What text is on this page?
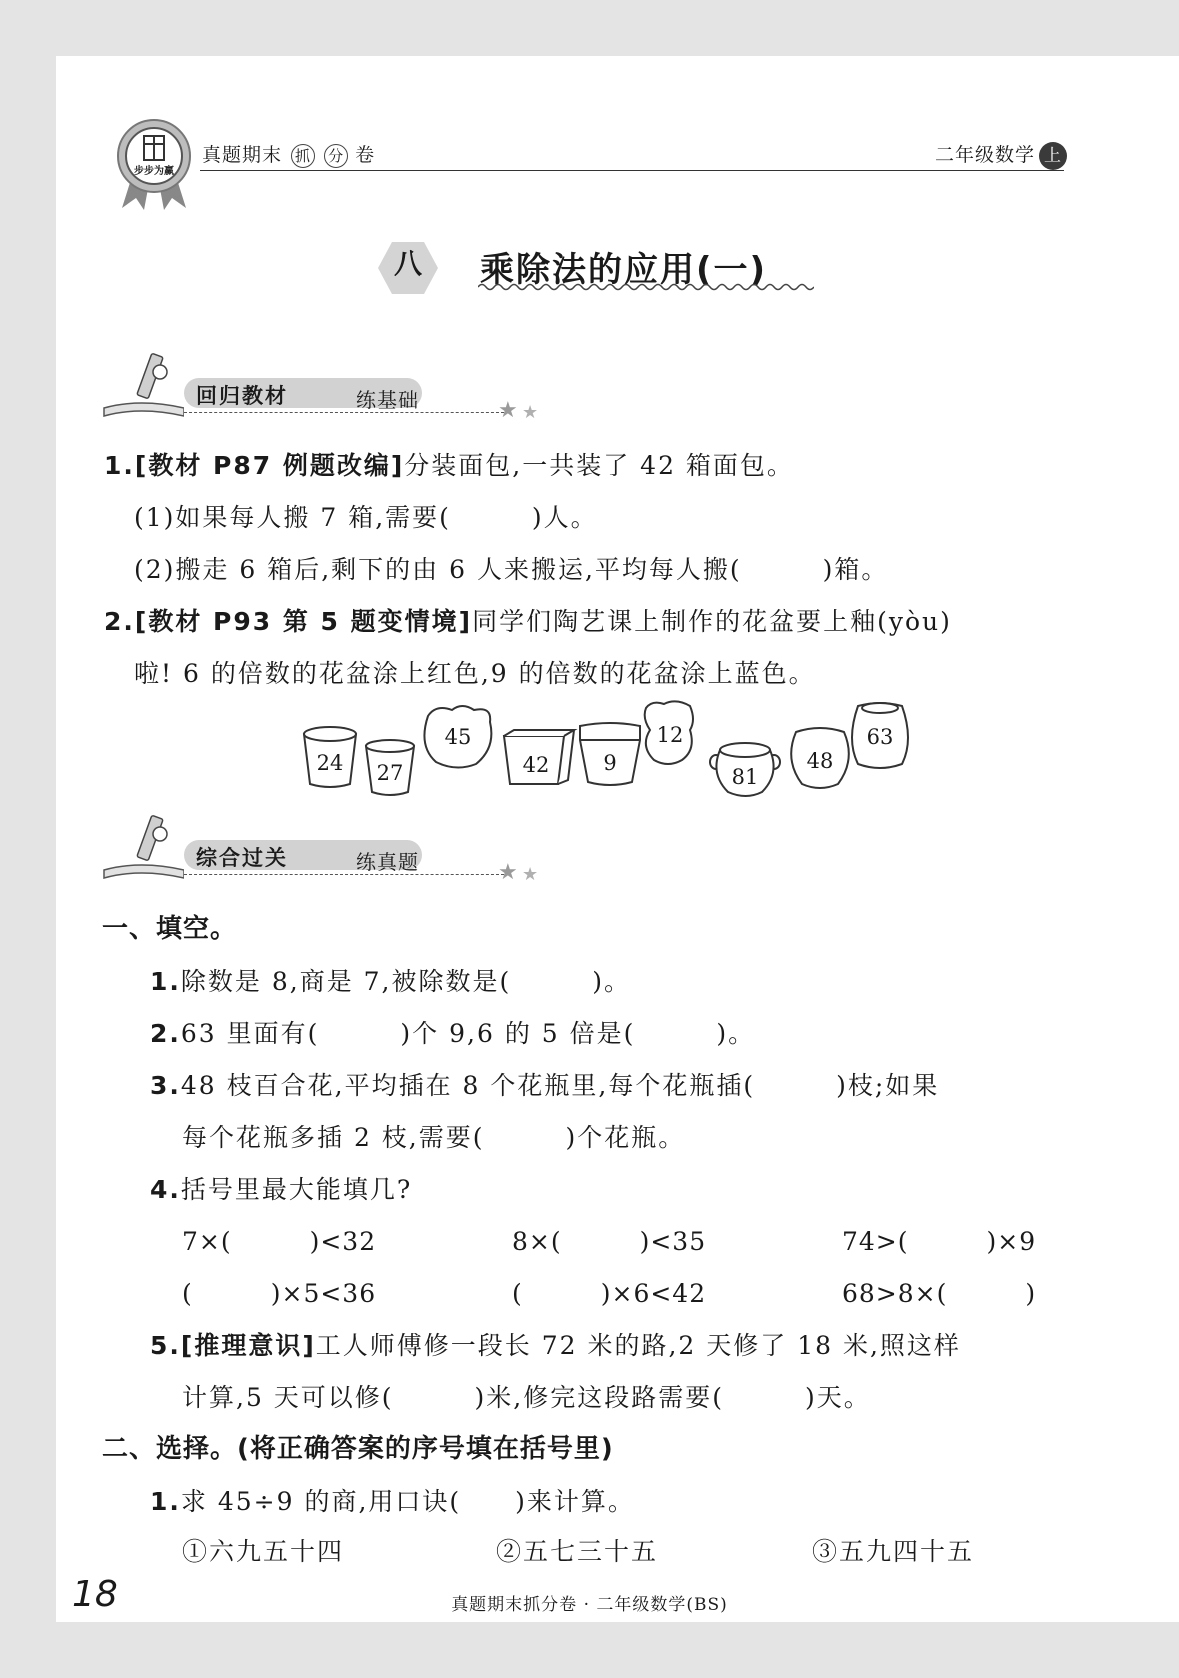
步步为赢
真题期末 抓 分 卷	二年级数学 上
八	乘除法的应用(一)
回归教材	练基础	★ ★
1.[教材 P87 例题改编]分装面包,一共装了 42 箱面包。
(1)如果每人搬 7 箱,需要(　　　)人。
(2)搬走 6 箱后,剩下的由 6 人来搬运,平均每人搬(　　　)箱。
2.[教材 P93 第 5 题变情境]同学们陶艺课上制作的花盆要上釉(yòu)
啦! 6 的倍数的花盆涂上红色,9 的倍数的花盆涂上蓝色。
24 27
45
42	9
12
81
48
63
综合过关	练真题	★ ★
一、填空。
1.除数是 8,商是 7,被除数是(　　　)。
2.63 里面有(　　　)个 9,6 的 5 倍是(　　　)。
3.48 枝百合花,平均插在 8 个花瓶里,每个花瓶插(　　　)枝;如果
每个花瓶多插 2 枝,需要(　　　)个花瓶。
4.括号里最大能填几?
7×(　　　)<32	8×(　　　)<35	74>(　　　)×9
(　　　)×5<36	(　　　)×6<42	68>8×(　　　)
5.[推理意识]工人师傅修一段长 72 米的路,2 天修了 18 米,照这样
计算,5 天可以修(　　　)米,修完这段路需要(　　　)天。
二、选择。(将正确答案的序号填在括号里)
1.求 45÷9 的商,用口诀(　　)来计算。
①六九五十四	②五七三十五	③五九四十五
18	真题期末抓分卷 · 二年级数学(BS)
